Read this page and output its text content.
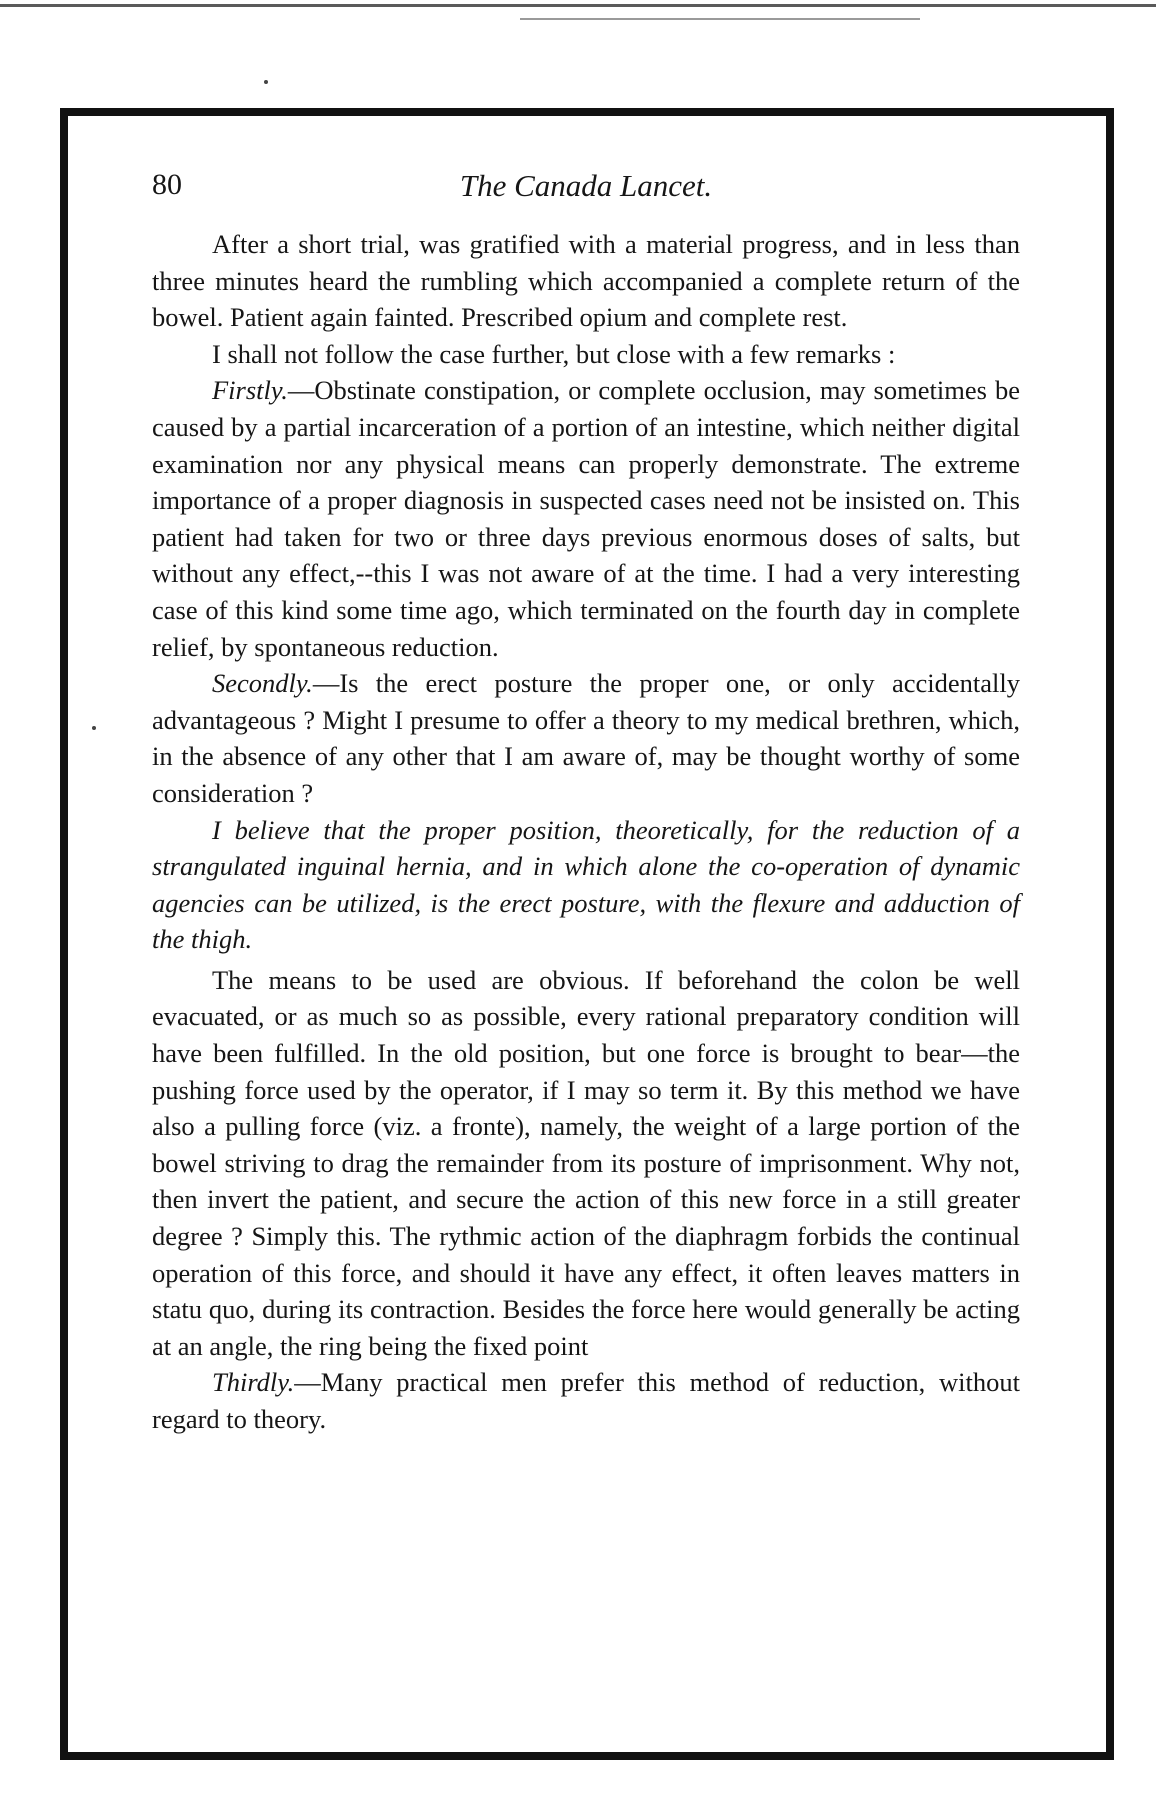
80	The Canada Lancet.

After a short trial, was gratified with a material progress, and in less than three minutes heard the rumbling which accompanied a complete return of the bowel. Patient again fainted. Prescribed opium and complete rest.

I shall not follow the case further, but close with a few remarks :

Firstly.—Obstinate constipation, or complete occlusion, may sometimes be caused by a partial incarceration of a portion of an intestine, which neither digital examination nor any physical means can properly demonstrate. The extreme importance of a proper diagnosis in suspected cases need not be insisted on. This patient had taken for two or three days previous enormous doses of salts, but without any effect,--this I was not aware of at the time. I had a very interesting case of this kind some time ago, which terminated on the fourth day in complete relief, by spontaneous reduction.

Secondly.—Is the erect posture the proper one, or only accidentally advantageous ? Might I presume to offer a theory to my medical brethren, which, in the absence of any other that I am aware of, may be thought worthy of some consideration ?

I believe that the proper position, theoretically, for the reduction of a strangulated inguinal hernia, and in which alone the co-operation of dynamic agencies can be utilized, is the erect posture, with the flexure and adduction of the thigh.

The means to be used are obvious. If beforehand the colon be well evacuated, or as much so as possible, every rational preparatory condition will have been fulfilled. In the old position, but one force is brought to bear—the pushing force used by the operator, if I may so term it. By this method we have also a pulling force (viz. a fronte), namely, the weight of a large portion of the bowel striving to drag the remainder from its posture of imprisonment. Why not, then invert the patient, and secure the action of this new force in a still greater degree ? Simply this. The rythmic action of the diaphragm forbids the continual operation of this force, and should it have any effect, it often leaves matters in statu quo, during its contraction. Besides the force here would generally be acting at an angle, the ring being the fixed point

Thirdly.—Many practical men prefer this method of reduction, without regard to theory.
